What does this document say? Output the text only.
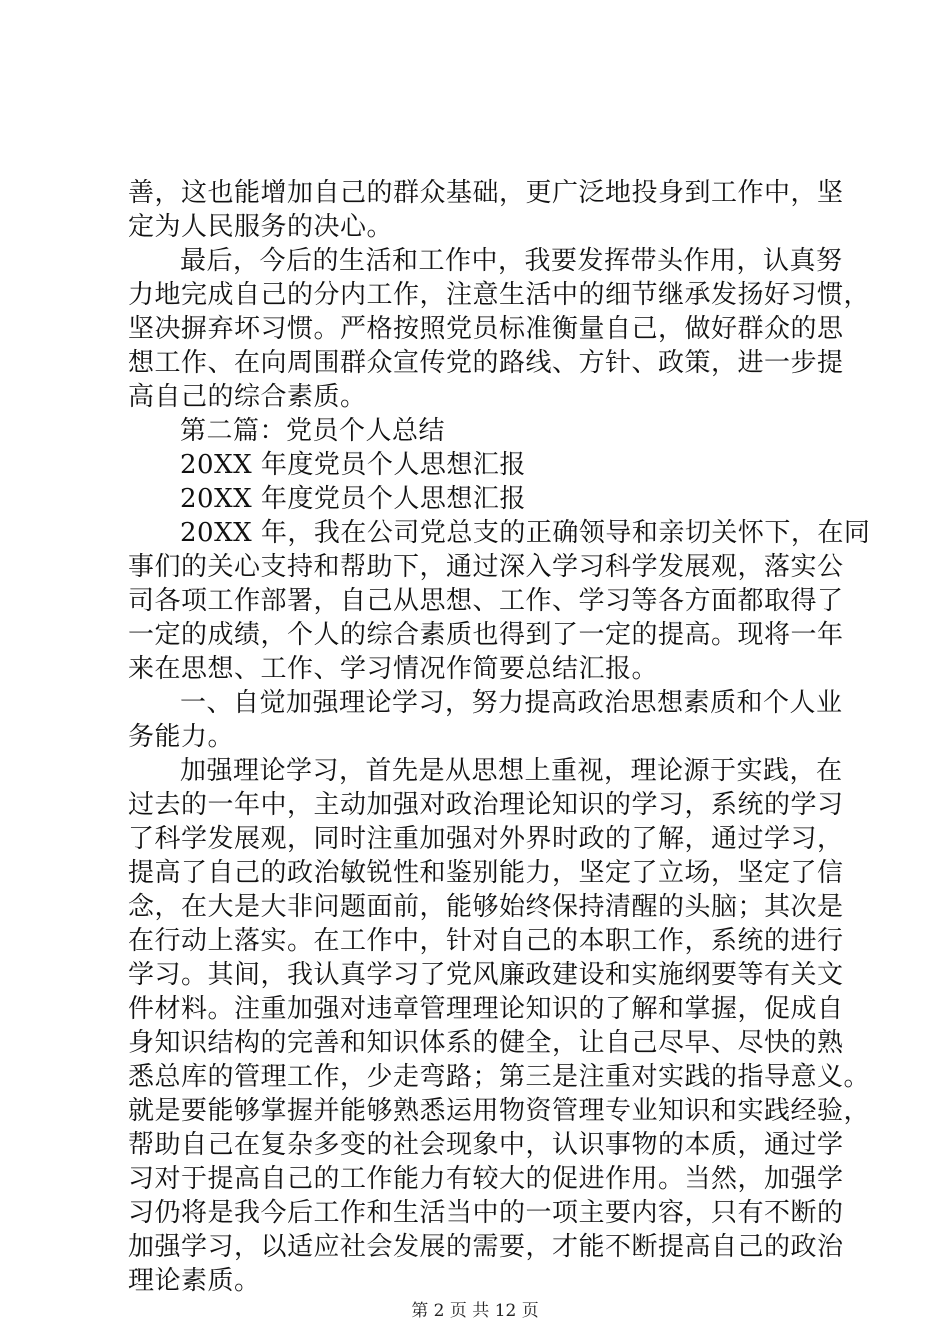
善，这也能增加自己的群众基础，更广泛地投身到工作中，坚
定为人民服务的决心。
最后，今后的生活和工作中，我要发挥带头作用，认真努
力地完成自己的分内工作，注意生活中的细节继承发扬好习惯，
坚决摒弃坏习惯。严格按照党员标准衡量自己，做好群众的思
想工作、在向周围群众宣传党的路线、方针、政策，进一步提
高自己的综合素质。
第二篇：党员个人总结
20XX 年度党员个人思想汇报
20XX 年度党员个人思想汇报
20XX 年，我在公司党总支的正确领导和亲切关怀下，在同
事们的关心支持和帮助下，通过深入学习科学发展观，落实公
司各项工作部署，自己从思想、工作、学习等各方面都取得了
一定的成绩，个人的综合素质也得到了一定的提高。现将一年
来在思想、工作、学习情况作简要总结汇报。
一、自觉加强理论学习，努力提高政治思想素质和个人业
务能力。
加强理论学习，首先是从思想上重视，理论源于实践，在
过去的一年中，主动加强对政治理论知识的学习，系统的学习
了科学发展观，同时注重加强对外界时政的了解，通过学习，
提高了自己的政治敏锐性和鉴别能力，坚定了立场，坚定了信
念，在大是大非问题面前，能够始终保持清醒的头脑；其次是
在行动上落实。在工作中，针对自己的本职工作，系统的进行
学习。其间，我认真学习了党风廉政建设和实施纲要等有关文
件材料。注重加强对违章管理理论知识的了解和掌握，促成自
身知识结构的完善和知识体系的健全，让自己尽早、尽快的熟
悉总库的管理工作，少走弯路；第三是注重对实践的指导意义。
就是要能够掌握并能够熟悉运用物资管理专业知识和实践经验，
帮助自己在复杂多变的社会现象中，认识事物的本质，通过学
习对于提高自己的工作能力有较大的促进作用。当然，加强学
习仍将是我今后工作和生活当中的一项主要内容，只有不断的
加强学习，以适应社会发展的需要，才能不断提高自己的政治
理论素质。
第 2 页 共 12 页
